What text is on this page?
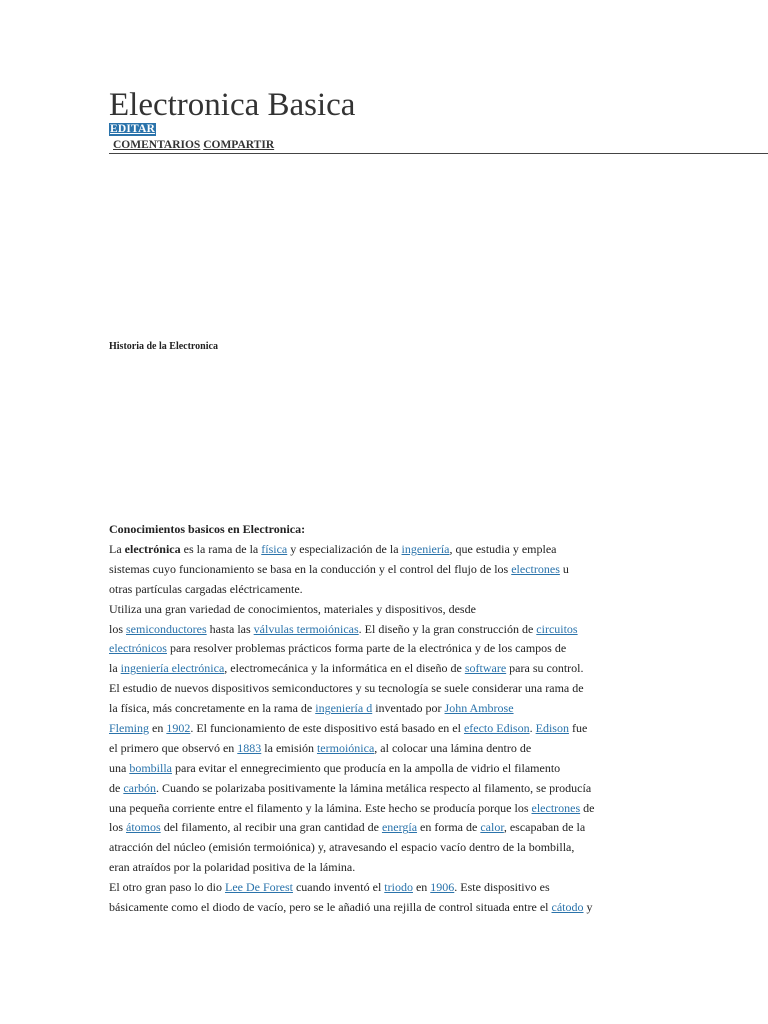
Electronica Basica
EDITAR
COMENTARIOS COMPARTIR
Historia de la Electronica
Conocimientos basicos en Electronica:
La electrónica es la rama de la física y especialización de la ingeniería, que estudia y emplea
sistemas cuyo funcionamiento se basa en la conducción y el control del flujo de los electrones u
otras partículas cargadas eléctricamente.
Utiliza una gran variedad de conocimientos, materiales y dispositivos, desde
los semiconductores hasta las válvulas termoiónicas. El diseño y la gran construcción de circuitos
electrónicos para resolver problemas prácticos forma parte de la electrónica y de los campos de
la ingeniería electrónica, electromecánica y la informática en el diseño de software para su control.
El estudio de nuevos dispositivos semiconductores y su tecnología se suele considerar una rama de
la física, más concretamente en la rama de ingeniería d inventado por John Ambrose
Fleming en 1902. El funcionamiento de este dispositivo está basado en el efecto Edison. Edison fue
el primero que observó en 1883 la emisión termoiónica, al colocar una lámina dentro de
una bombilla para evitar el ennegrecimiento que producía en la ampolla de vidrio el filamento
de carbón. Cuando se polarizaba positivamente la lámina metálica respecto al filamento, se producía
una pequeña corriente entre el filamento y la lámina. Este hecho se producía porque los electrones de
los átomos del filamento, al recibir una gran cantidad de energía en forma de calor, escapaban de la
atracción del núcleo (emisión termoiónica) y, atravesando el espacio vacío dentro de la bombilla,
eran atraídos por la polaridad positiva de la lámina.
El otro gran paso lo dio Lee De Forest cuando inventó el triodo en 1906. Este dispositivo es
básicamente como el diodo de vacío, pero se le añadió una rejilla de control situada entre el cátodo y
